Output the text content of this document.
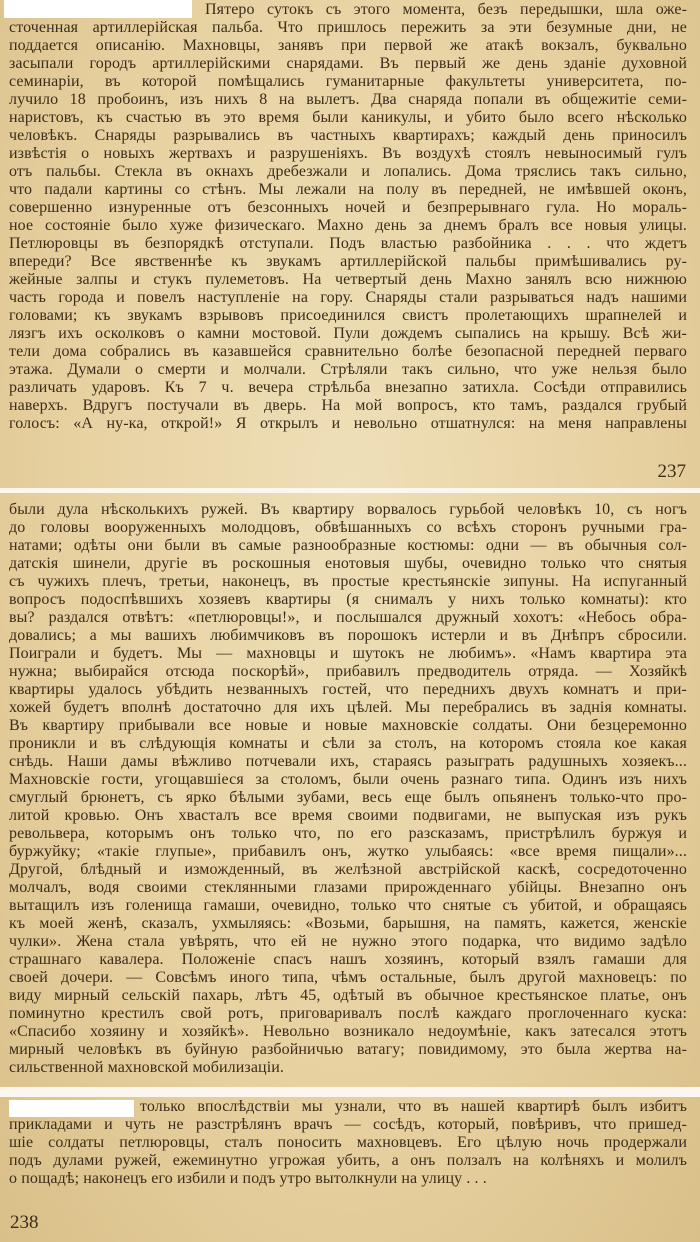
Пятеро сутокъ съ этого момента, безъ передышки, шла оже-
сточенная артиллерійская пальба. Что пришлось пережить за эти безумные дни, не
поддается описанію. Махновцы, занявъ при первой же атакѣ вокзалъ, буквально
засыпали городъ артиллерійскими снарядами. Въ первый же день зданіе духовной
семинаріи, въ которой помѣщались гуманитарные факультеты университета, по-
лучило 18 пробоинъ, изъ нихъ 8 на вылетъ. Два снаряда попали въ общежитіе семи-
наристовъ, къ счастью въ это время были каникулы, и убито было всего нѣсколько
человѣкъ. Снаряды разрывались въ частныхъ квартирахъ; каждый день приносилъ
извѣстія о новыхъ жертвахъ и разрушеніяхъ. Въ воздухѣ стоялъ невыносимый гулъ
отъ пальбы. Стекла въ окнахъ дребезжали и лопались. Дома тряслись такъ сильно,
что падали картины со стѣнъ. Мы лежали на полу въ передней, не имѣвшей оконъ,
совершенно изнуренные отъ безсонныхъ ночей и безпрерывнаго гула. Но мораль-
ное состояніе было хуже физическаго. Махно день за днемъ бралъ все новыя улицы.
Петлюровцы въ безпорядкѣ отступали. Подъ властью разбойника . . . что ждетъ
впереди? Все явственнѣе къ звукамъ артиллерійской пальбы примѣшивались ру-
жейные залпы и стукъ пулеметовъ. На четвертый день Махно занялъ всю нижнюю
часть города и повелъ наступленіе на гору. Снаряды стали разрываться надъ нашими
головами; къ звукамъ взрывовъ присоединился свистъ пролетающихъ шрапнелей и
лязгъ ихъ осколковъ о камни мостовой. Пули дождемъ сыпались на крышу. Всѣ жи-
тели дома собрались въ казавшейся сравнительно болѣе безопасной передней перваго
этажа. Думали о смерти и молчали. Стрѣляли такъ сильно, что уже нельзя было
различать ударовъ. Къ 7 ч. вечера стрѣльба внезапно затихла. Сосѣди отправились
наверхъ. Вдругъ постучали въ дверь. На мой вопросъ, кто тамъ, раздался грубый
голосъ: «А ну-ка, открой!» Я открылъ и невольно отшатнулся: на меня направлены
237
были дула нѣсколькихъ ружей. Въ квартиру ворвалось гурьбой человѣкъ 10, съ ногъ
до головы вооруженныхъ молодцовъ, обвѣшанныхъ со всѣхъ сторонъ ручными гра-
натами; одѣты они были въ самые разнообразные костюмы: одни — въ обычныя сол-
датскія шинели, другіе въ роскошныя енотовыя шубы, очевидно только что снятыя
съ чужихъ плечъ, третьи, наконецъ, въ простые крестьянскіе зипуны. На испуганный
вопросъ подоспѣвшихъ хозяевъ квартиры (я снималъ у нихъ только комнаты): кто
вы? раздался отвѣтъ: «петлюровцы!», и послышался дружный хохотъ: «Небось обра-
довались; а мы вашихъ любимчиковъ въ порошокъ истерли и въ Днѣпръ сбросили.
Поиграли и будетъ. Мы — махновцы и шутокъ не любимъ». «Намъ квартира эта
нужна; выбирайся отсюда поскорѣй», прибавилъ предводитель отряда. — Хозяйкѣ
квартиры удалось убѣдить незванныхъ гостей, что переднихъ двухъ комнатъ и при-
хожей будетъ вполнѣ достаточно для ихъ цѣлей. Мы перебрались въ заднія комнаты.
Въ квартиру прибывали все новые и новые махновскіе солдаты. Они безцеремонно
проникли и въ слѣдующія комнаты и сѣли за столъ, на которомъ стояла кое какая
снѣдь. Наши дамы вѣжливо потчевали ихъ, стараясь разыграть радушныхъ хозяекъ...
Махновскіе гости, угощавшіеся за столомъ, были очень разнаго типа. Одинъ изъ нихъ
смуглый брюнетъ, съ ярко бѣлыми зубами, весь еще былъ опьяненъ только-что про-
литой кровью. Онъ хвасталъ все время своими подвигами, не выпуская изъ рукъ
револьвера, которымъ онъ только что, по его разсказамъ, пристрѣлилъ буржуя и
буржуйку; «такіе глупые», прибавилъ онъ, жутко улыбаясь: «все время пищали»...
Другой, блѣдный и изможденный, въ желѣзной австрійской каскѣ, сосредоточенно
молчалъ, водя своими стеклянными глазами прирожденнаго убійцы. Внезапно онъ
вытащилъ изъ голенища гамаши, очевидно, только что снятые съ убитой, и обращаясь
къ моей женѣ, сказалъ, ухмыляясь: «Возьми, барышня, на память, кажется, женскіе
чулки». Жена стала увѣрять, что ей не нужно этого подарка, что видимо задѣло
страшнаго кавалера. Положеніе спасъ нашъ хозяинъ, который взялъ гамаши для
своей дочери. — Совсѣмъ иного типа, чѣмъ остальные, былъ другой махновецъ: по
виду мирный сельскій пахарь, лѣтъ 45, одѣтый въ обычное крестьянское платье, онъ
поминутно крестилъ свой ротъ, приговаривалъ послѣ каждаго проглоченнаго куска:
«Спасибо хозяину и хозяйкѣ». Невольно возникало недоумѣніе, какъ затесался этотъ
мирный человѣкъ въ буйную разбойничью ватагу; повидимому, это была жертва на-
сильственной махновской мобилизаціи.
только впослѣдствіи мы узнали, что въ нашей квартирѣ былъ избитъ
прикладами и чуть не разстрѣлянъ врачъ — сосѣдъ, который, повѣривъ, что пришед-
шіе солдаты петлюровцы, сталъ поносить махновцевъ. Его цѣлую ночь продержали
подъ дулами ружей, ежеминутно угрожая убить, а онъ ползалъ на колѣняхъ и молилъ
о пощадѣ; наконецъ его избили и подъ утро вытолкнули на улицу . . .
238
